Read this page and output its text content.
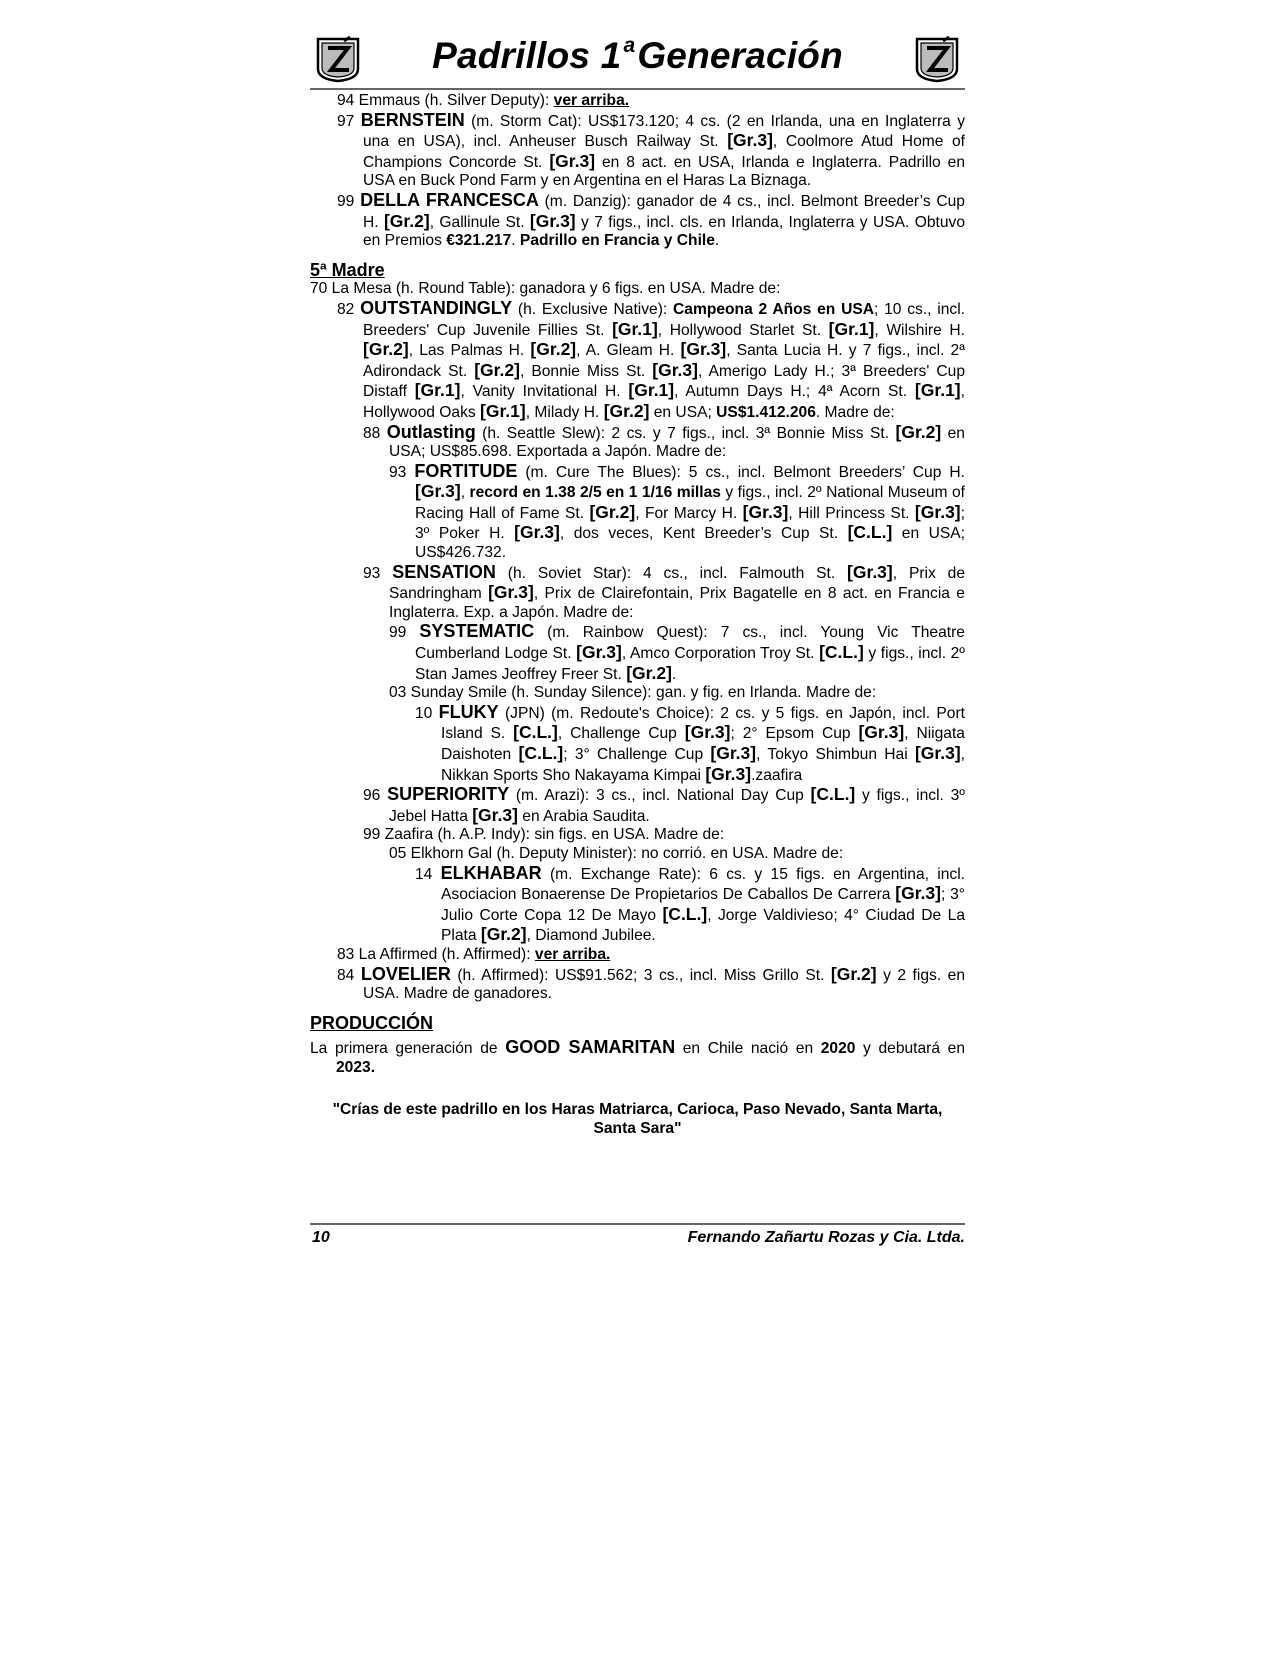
Padrillos 1$^a$Generación
94 Emmaus (h. Silver Deputy): ver arriba.
97 BERNSTEIN (m. Storm Cat): US$173.120; 4 cs. (2 en Irlanda, una en Inglaterra y una en USA), incl. Anheuser Busch Railway St. [Gr.3], Coolmore Atud Home of Champions Concorde St. [Gr.3] en 8 act. en USA, Irlanda e Inglaterra. Padrillo en USA en Buck Pond Farm y en Argentina en el Haras La Biznaga.
99 DELLA FRANCESCA (m. Danzig): ganador de 4 cs., incl. Belmont Breeder’s Cup H. [Gr.2], Gallinule St. [Gr.3] y 7 figs., incl. cls. en Irlanda, Inglaterra y USA. Obtuvo en Premios €321.217. Padrillo en Francia y Chile.
5ª Madre
70 La Mesa (h. Round Table): ganadora y 6 figs. en USA. Madre de:
82 OUTSTANDINGLY (h. Exclusive Native): Campeona 2 Años en USA; 10 cs., incl. Breeders' Cup Juvenile Fillies St. [Gr.1], Hollywood Starlet St. [Gr.1], Wilshire H. [Gr.2], Las Palmas H. [Gr.2], A. Gleam H. [Gr.3], Santa Lucia H. y 7 figs., incl. 2ª Adirondack St. [Gr.2], Bonnie Miss St. [Gr.3], Amerigo Lady H.; 3ª Breeders' Cup Distaff [Gr.1], Vanity Invitational H. [Gr.1], Autumn Days H.; 4ª Acorn St. [Gr.1], Hollywood Oaks [Gr.1], Milady H. [Gr.2] en USA; US$1.412.206. Madre de:
88 Outlasting (h. Seattle Slew): 2 cs. y 7 figs., incl. 3ª Bonnie Miss St. [Gr.2] en USA; US$85.698. Exportada a Japón. Madre de:
93 FORTITUDE (m. Cure The Blues): 5 cs., incl. Belmont Breeders’ Cup H. [Gr.3], record en 1.38 2/5 en 1 1/16 millas y figs., incl. 2º National Museum of Racing Hall of Fame St. [Gr.2], For Marcy H. [Gr.3], Hill Princess St. [Gr.3]; 3º Poker H. [Gr.3], dos veces, Kent Breeder’s Cup St. [C.L.] en USA; US$426.732.
93 SENSATION (h. Soviet Star): 4 cs., incl. Falmouth St. [Gr.3], Prix de Sandringham [Gr.3], Prix de Clairefontain, Prix Bagatelle en 8 act. en Francia e Inglaterra. Exp. a Japón. Madre de:
99 SYSTEMATIC (m. Rainbow Quest): 7 cs., incl. Young Vic Theatre Cumberland Lodge St. [Gr.3], Amco Corporation Troy St. [C.L.] y figs., incl. 2º Stan James Jeoffrey Freer St. [Gr.2].
03 Sunday Smile (h. Sunday Silence): gan. y fig. en Irlanda. Madre de:
10 FLUKY (JPN) (m. Redoute's Choice): 2 cs. y 5 figs. en Japón, incl. Port Island S. [C.L.], Challenge Cup [Gr.3]; 2° Epsom Cup [Gr.3], Niigata Daishoten [C.L.]; 3° Challenge Cup [Gr.3], Tokyo Shimbun Hai [Gr.3], Nikkan Sports Sho Nakayama Kimpai [Gr.3].zaafira
96 SUPERIORITY (m. Arazi): 3 cs., incl. National Day Cup [C.L.] y figs., incl. 3º Jebel Hatta [Gr.3] en Arabia Saudita.
99 Zaafira (h. A.P. Indy): sin figs. en USA. Madre de:
05 Elkhorn Gal (h. Deputy Minister): no corrió. en USA. Madre de:
14 ELKHABAR (m. Exchange Rate): 6 cs. y 15 figs. en Argentina, incl. Asociacion Bonaerense De Propietarios De Caballos De Carrera [Gr.3]; 3° Julio Corte Copa 12 De Mayo [C.L.], Jorge Valdivieso; 4° Ciudad De La Plata [Gr.2], Diamond Jubilee.
83 La Affirmed (h. Affirmed): ver arriba.
84 LOVELIER (h. Affirmed): US$91.562; 3 cs., incl. Miss Grillo St. [Gr.2] y 2 figs. en USA. Madre de ganadores.
PRODUCCIÓN
La primera generación de GOOD SAMARITAN en Chile nació en 2020 y debutará en 2023.
"Crías de este padrillo en los Haras Matriarca, Carioca, Paso Nevado, Santa Marta, Santa Sara"
10	Fernando Zañartu Rozas y Cia. Ltda.
